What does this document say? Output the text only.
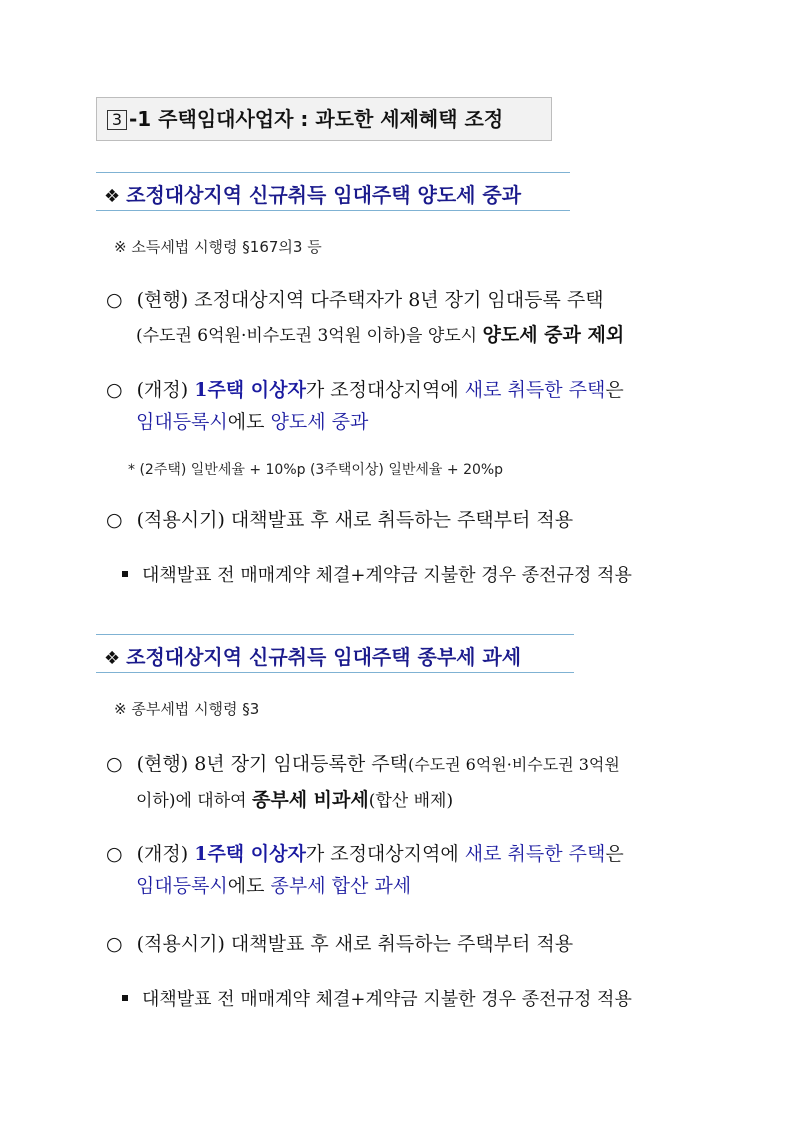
3 -1 주택임대사업자 : 과도한 세제혜택 조정
❖ 조정대상지역 신규취득 임대주택 양도세 중과
※ 소득세법 시행령 §167의3 등
○ (현행) 조정대상지역 다주택자가 8년 장기 임대등록 주택
(수도권 6억원·비수도권 3억원 이하)을 양도시 양도세 중과 제외
○ (개정) 1주택 이상자가 조정대상지역에 새로 취득한 주택은
임대등록시에도 양도세 중과
* (2주택) 일반세율 + 10%p (3주택이상) 일반세율 + 20%p
○ (적용시기) 대책발표 후 새로 취득하는 주택부터 적용
대책발표 전 매매계약 체결+계약금 지불한 경우 종전규정 적용
❖ 조정대상지역 신규취득 임대주택 종부세 과세
※ 종부세법 시행령 §3
○ (현행) 8년 장기 임대등록한 주택(수도권 6억원·비수도권 3억원
이하)에 대하여 종부세 비과세(합산 배제)
○ (개정) 1주택 이상자가 조정대상지역에 새로 취득한 주택은
임대등록시에도 종부세 합산 과세
○ (적용시기) 대책발표 후 새로 취득하는 주택부터 적용
대책발표 전 매매계약 체결+계약금 지불한 경우 종전규정 적용
